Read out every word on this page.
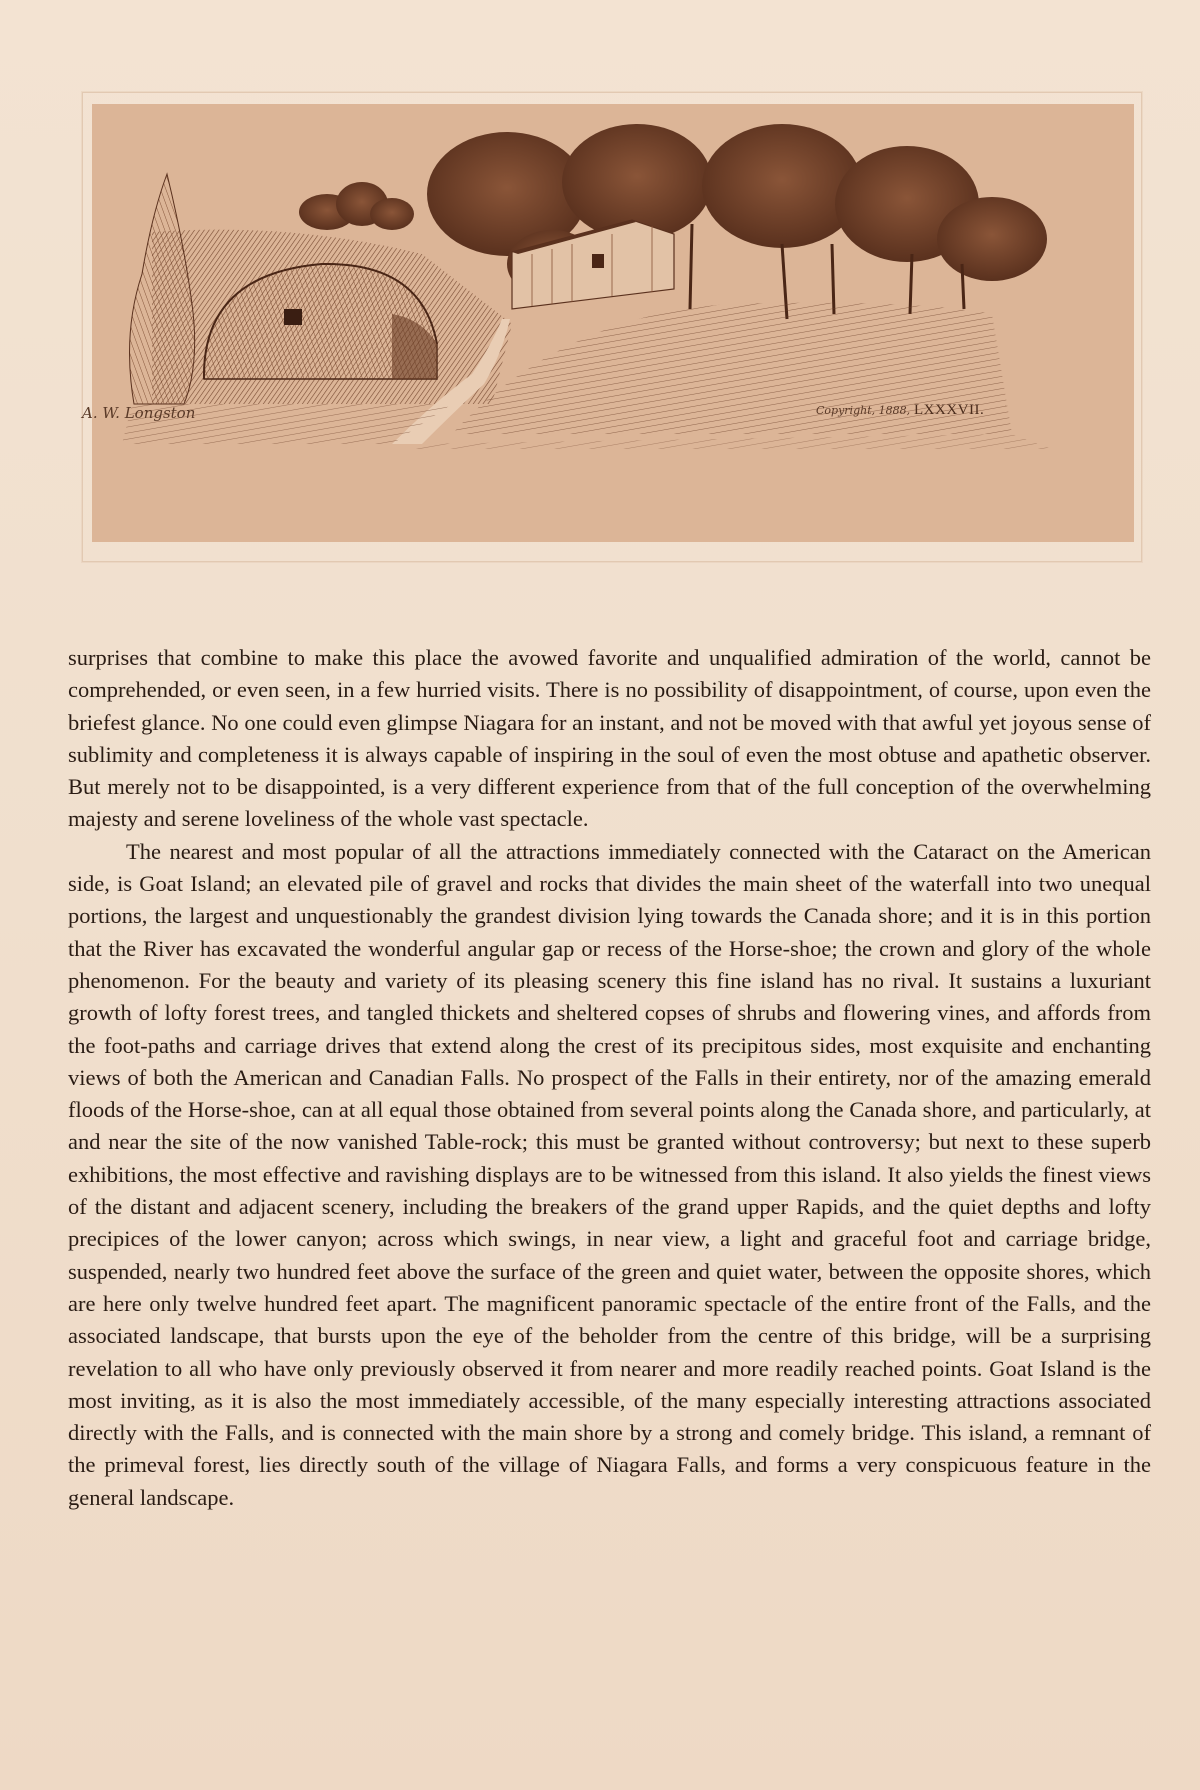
A. W. Longston	Copyright, 1888, LXXXVII.

surprises that combine to make this place the avowed favorite and unqualified admiration of the world, cannot be comprehended, or even seen, in a few hurried visits. There is no possibility of disappointment, of course, upon even the briefest glance. No one could even glimpse Niagara for an instant, and not be moved with that awful yet joyous sense of sublimity and completeness it is always capable of inspiring in the soul of even the most obtuse and apathetic observer. But merely not to be disappointed, is a very different experience from that of the full conception of the overwhelming majesty and serene loveliness of the whole vast spectacle.

The nearest and most popular of all the attractions immediately connected with the Cataract on the American side, is Goat Island; an elevated pile of gravel and rocks that divides the main sheet of the waterfall into two unequal portions, the largest and unquestionably the grandest division lying towards the Canada shore; and it is in this portion that the River has excavated the wonderful angular gap or recess of the Horse-shoe; the crown and glory of the whole phenomenon. For the beauty and variety of its pleasing scenery this fine island has no rival. It sustains a luxuriant growth of lofty forest trees, and tangled thickets and sheltered copses of shrubs and flowering vines, and affords from the foot-paths and carriage drives that extend along the crest of its precipitous sides, most exquisite and enchanting views of both the American and Canadian Falls. No prospect of the Falls in their entirety, nor of the amazing emerald floods of the Horse-shoe, can at all equal those obtained from several points along the Canada shore, and particularly, at and near the site of the now vanished Table-rock; this must be granted without controversy; but next to these superb exhibitions, the most effective and ravishing displays are to be witnessed from this island. It also yields the finest views of the distant and adjacent scenery, including the breakers of the grand upper Rapids, and the quiet depths and lofty precipices of the lower canyon; across which swings, in near view, a light and graceful foot and carriage bridge, suspended, nearly two hundred feet above the surface of the green and quiet water, between the opposite shores, which are here only twelve hundred feet apart. The magnificent panoramic spectacle of the entire front of the Falls, and the associated landscape, that bursts upon the eye of the beholder from the centre of this bridge, will be a surprising revelation to all who have only previously observed it from nearer and more readily reached points. Goat Island is the most inviting, as it is also the most immediately accessible, of the many especially interesting attractions associated directly with the Falls, and is connected with the main shore by a strong and comely bridge. This island, a remnant of the primeval forest, lies directly south of the village of Niagara Falls, and forms a very conspicuous feature in the general landscape.
